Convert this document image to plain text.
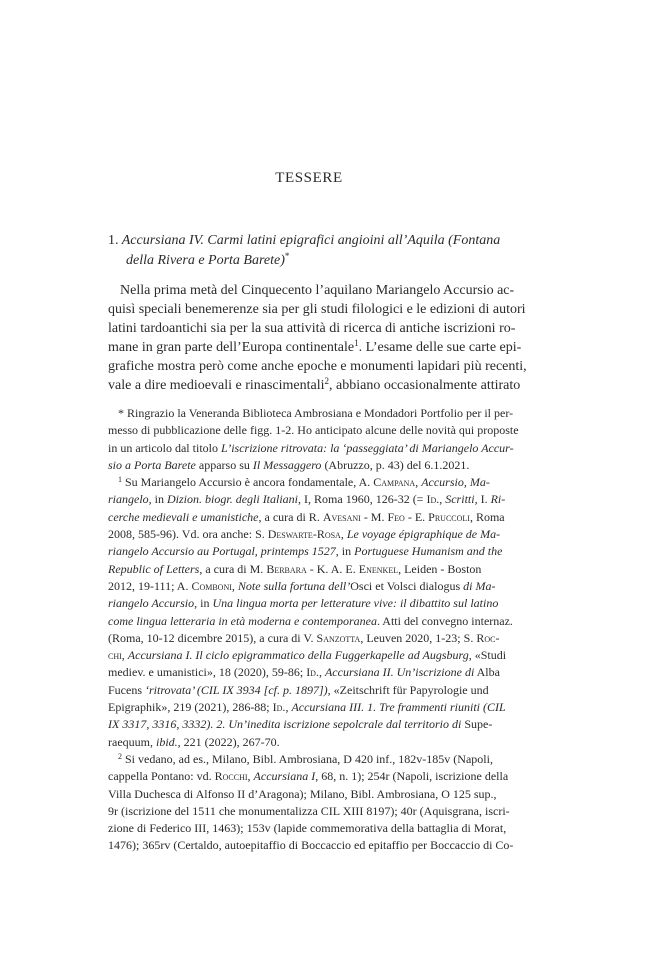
TESSERE
1. Accursiana IV. Carmi latini epigrafici angioini all’Aquila (Fontana della Rivera e Porta Barete)*
Nella prima metà del Cinquecento l’aquilano Mariangelo Accursio ac-
quisì speciali benemerenze sia per gli studi filologici e le edizioni di autori
latini tardoantichi sia per la sua attività di ricerca di antiche iscrizioni ro-
mane in gran parte dell’Europa continentale$^1$. L’esame delle sue carte epi-
grafiche mostra però come anche epoche e monumenti lapidari più recenti,
vale a dire medioevali e rinascimentali$^2$, abbiano occasionalmente attirato
* Ringrazio la Veneranda Biblioteca Ambrosiana e Mondadori Portfolio per il per-
messo di pubblicazione delle figg. 1-2. Ho anticipato alcune delle novità qui proposte
in un articolo dal titolo L’iscrizione ritrovata: la ‘passeggiata’ di Mariangelo Accur-
sio a Porta Barete apparso su Il Messaggero (Abruzzo, p. 43) del 6.1.2021.
$^1$ Su Mariangelo Accursio è ancora fondamentale, A. Campana, Accursio, Ma-
riangelo, in Dizion. biogr. degli Italiani, I, Roma 1960, 126-32 (= Id., Scritti, I. Ri-
cerche medievali e umanistiche, a cura di R. Avesani - M. Feo - E. Pruccoli, Roma
2008, 585-96). Vd. ora anche: S. Deswarte-Rosa, Le voyage épigraphique de Ma-
riangelo Accursio au Portugal, printemps 1527, in Portuguese Humanism and the
Republic of Letters, a cura di M. Berbara - K. A. E. Enenkel, Leiden - Boston
2012, 19-111; A. Comboni, Note sulla fortuna dell’Osci et Volsci dialogus di Ma-
riangelo Accursio, in Una lingua morta per letterature vive: il dibattito sul latino
come lingua letteraria in età moderna e contemporanea. Atti del convegno internaz.
(Roma, 10-12 dicembre 2015), a cura di V. Sanzotta, Leuven 2020, 1-23; S. Roc-
chi, Accursiana I. Il ciclo epigrammatico della Fuggerkapelle ad Augsburg, «Studi
mediev. e umanistici», 18 (2020), 59-86; Id., Accursiana II. Un’iscrizione di Alba
Fucens ‘ritrovata’ (CIL IX 3934 [cf. p. 1897]), «Zeitschrift für Papyrologie und
Epigraphik», 219 (2021), 286-88; Id., Accursiana III. 1. Tre frammenti riuniti (CIL
IX 3317, 3316, 3332). 2. Un’inedita iscrizione sepolcrale dal territorio di Supe-
raequum, ibid., 221 (2022), 267-70.
$^2$ Si vedano, ad es., Milano, Bibl. Ambrosiana, D 420 inf., 182v-185v (Napoli,
cappella Pontano: vd. Rocchi, Accursiana I, 68, n. 1); 254r (Napoli, iscrizione della
Villa Duchesca di Alfonso II d’Aragona); Milano, Bibl. Ambrosiana, O 125 sup.,
9r (iscrizione del 1511 che monumentalizza CIL XIII 8197); 40r (Aquisgrana, iscri-
zione di Federico III, 1463); 153v (lapide commemorativa della battaglia di Morat,
1476); 365rv (Certaldo, autoepitaffio di Boccaccio ed epitaffio per Boccaccio di Co-
